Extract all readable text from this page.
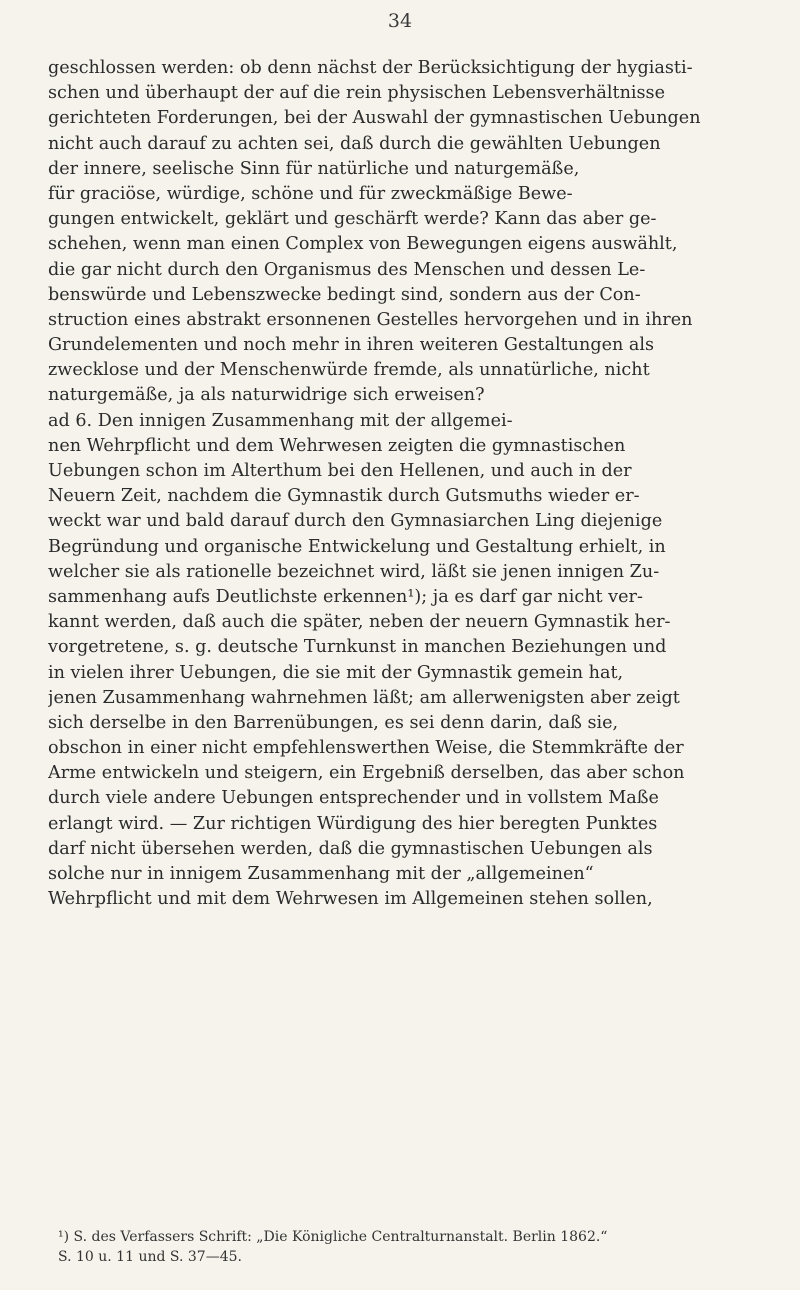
34
geschlossen werden: ob denn nächst der Berücksichtigung der hygiasti-
schen und überhaupt der auf die rein physischen Lebensverhältnisse
gerichteten Forderungen, bei der Auswahl der gymnastischen Uebungen
nicht auch darauf zu achten sei, daß durch die gewählten Uebungen
der innere, seelische Sinn für natürliche und naturgemäße,
für graciöse, würdige, schöne und für zweckmäßige Bewe-
gungen entwickelt, geklärt und geschärft werde? Kann das aber ge-
schehen, wenn man einen Complex von Bewegungen eigens auswählt,
die gar nicht durch den Organismus des Menschen und dessen Le-
benswürde und Lebenszwecke bedingt sind, sondern aus der Con-
struction eines abstrakt ersonnenen Gestelles hervorgehen und in ihren
Grundelementen und noch mehr in ihren weiteren Gestaltungen als
zwecklose und der Menschenwürde fremde, als unnatürliche, nicht
naturgemäße, ja als naturwidrige sich erweisen?
ad 6. Den innigen Zusammenhang mit der allgemei-
nen Wehrpflicht und dem Wehrwesen zeigten die gymnastischen
Uebungen schon im Alterthum bei den Hellenen, und auch in der
Neuern Zeit, nachdem die Gymnastik durch Gutsmuths wieder er-
weckt war und bald darauf durch den Gymnasiarchen Ling diejenige
Begründung und organische Entwickelung und Gestaltung erhielt, in
welcher sie als rationelle bezeichnet wird, läßt sie jenen innigen Zu-
sammenhang aufs Deutlichste erkennen¹); ja es darf gar nicht ver-
kannt werden, daß auch die später, neben der neuern Gymnastik her-
vorgetretene, s. g. deutsche Turnkunst in manchen Beziehungen und
in vielen ihrer Uebungen, die sie mit der Gymnastik gemein hat,
jenen Zusammenhang wahrnehmen läßt; am allerwenigsten aber zeigt
sich derselbe in den Barrenübungen, es sei denn darin, daß sie,
obschon in einer nicht empfehlenswerthen Weise, die Stemmkräfte der
Arme entwickeln und steigern, ein Ergebniß derselben, das aber schon
durch viele andere Uebungen entsprechender und in vollstem Maße
erlangt wird. — Zur richtigen Würdigung des hier beregten Punktes
darf nicht übersehen werden, daß die gymnastischen Uebungen als
solche nur in innigem Zusammenhang mit der „allgemeinen“
Wehrpflicht und mit dem Wehrwesen im Allgemeinen stehen sollen,
¹) S. des Verfassers Schrift: „Die Königliche Centralturnanstalt. Berlin 1862.“
S. 10 u. 11 und S. 37—45.
